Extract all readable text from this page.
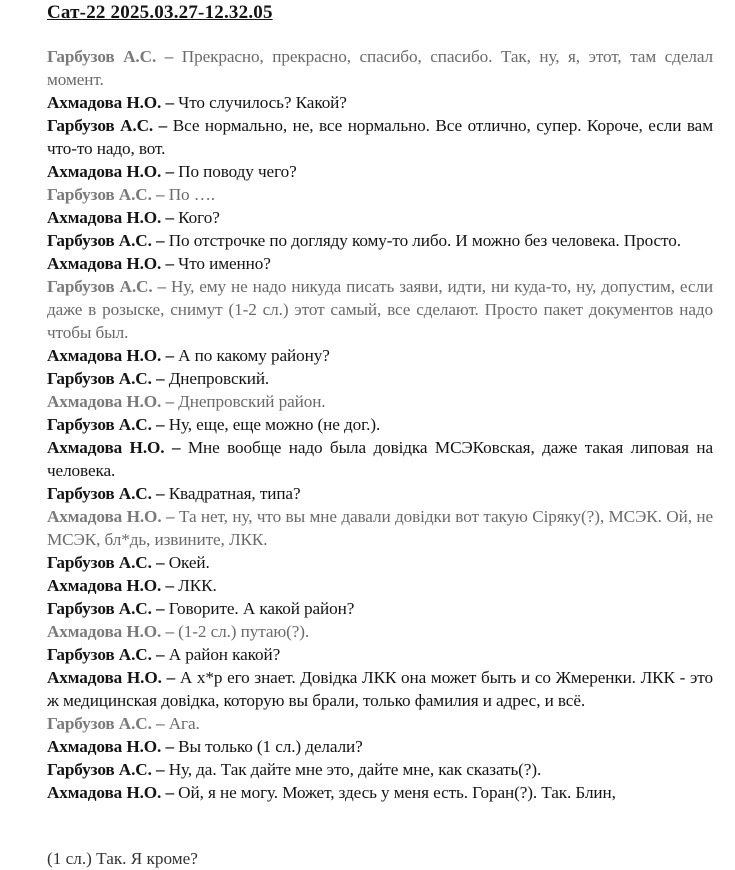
Сат-22 2025.03.27-12.32.05

Гарбузов А.С. – Прекрасно, прекрасно, спасибо, спасибо. Так, ну, я, этот, там сделал момент.

Ахмадова Н.О. – Что случилось? Какой?

Гарбузов А.С. – Все нормально, не, все нормально. Все отлично, супер. Короче, если вам что-то надо, вот.

Ахмадова Н.О. – По поводу чего?

Гарбузов А.С. – По ….

Ахмадова Н.О. – Кого?

Гарбузов А.С. – По отстрочке по догляду кому-то либо. И можно без человека. Просто.

Ахмадова Н.О. – Что именно?

Гарбузов А.С. – Ну, ему не надо никуда писать заяви, идти, ни куда-то, ну, допустим, если даже в розыске, снимут (1-2 сл.) этот самый, все сделают. Просто пакет документов надо чтобы был.

Ахмадова Н.О. – А по какому району?

Гарбузов А.С. – Днепровский.

Ахмадова Н.О. – Днепровский район.

Гарбузов А.С. – Ну, еще, еще можно (не дог.).

Ахмадова Н.О. – Мне вообще надо была довідка МСЭКовская, даже такая липовая на человека.

Гарбузов А.С. – Квадратная, типа?

Ахмадова Н.О. – Та нет, ну, что вы мне давали довідки вот такую Сіряку(?), МСЭК. Ой, не МСЭК, бл*дь, извините, ЛКК.

Гарбузов А.С. – Окей.

Ахмадова Н.О. – ЛКК.

Гарбузов А.С. – Говорите. А какой район?

Ахмадова Н.О. – (1-2 сл.) путаю(?).

Гарбузов А.С. – А район какой?

Ахмадова Н.О. – А х*р его знает. Довідка ЛКК она может быть и со Жмеренки. ЛКК - это ж медицинская довідка, которую вы брали, только фамилия и адрес, и всё.

Гарбузов А.С. – Ага.

Ахмадова Н.О. – Вы только (1 сл.) делали?

Гарбузов А.С. – Ну, да. Так дайте мне это, дайте мне, как сказать(?).

Ахмадова Н.О. – Ой, я не могу. Может, здесь у меня есть. Горан(?). Так. Блин,

(1 сл.) Так. Я кроме?
